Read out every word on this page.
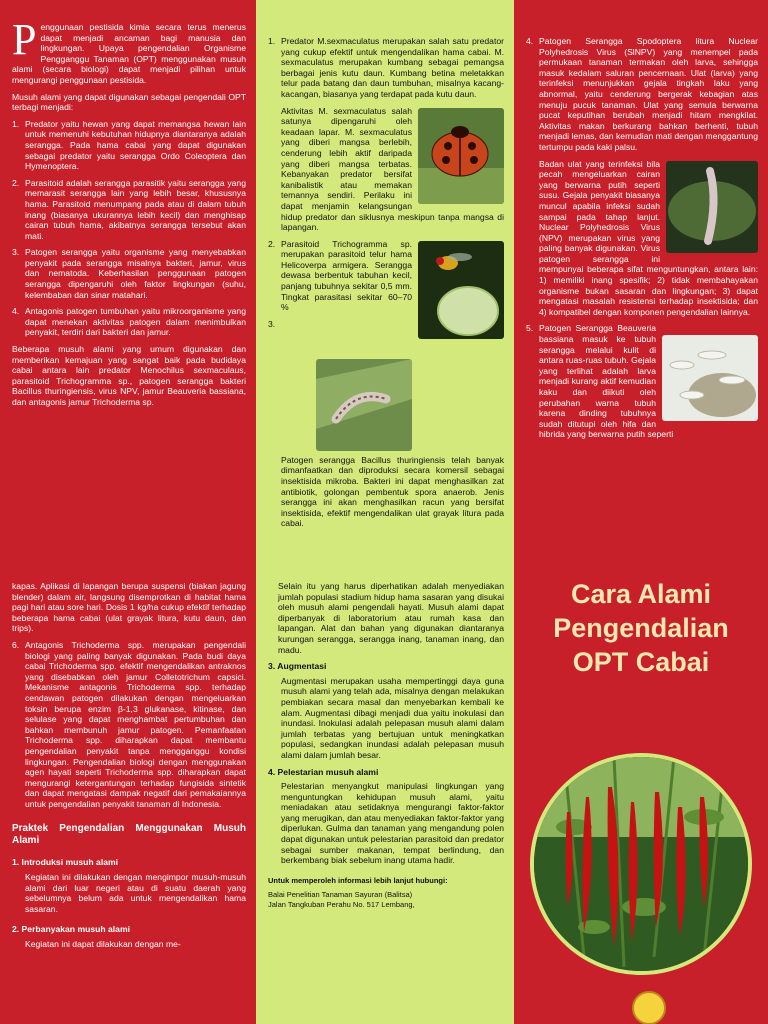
Penggunaan pestisida kimia secara terus menerus dapat menjadi ancaman bagi manusia dan lingkungan. Upaya pengendalian Organisme Pengganggu Tanaman (OPT) menggunakan musuh alami (secara biologi) dapat menjadi pilihan untuk mengurangi penggunaan pestisida.

Musuh alami yang dapat digunakan sebagai pengendali OPT terbagi menjadi:

1. Predator yaitu hewan yang dapat memangsa hewan lain untuk memenuhi kebutuhan hidupnya diantaranya adalah serangga. Pada hama cabai yang dapat digunakan sebagai predator yaitu serangga Ordo Coleoptera dan Hymenoptera.
2. Parasitoid adalah serangga parasitik yaitu serangga yang memarasit serangga lain yang lebih besar, khususnya hama. Parasitoid menumpang pada atau di dalam tubuh inang (biasanya ukurannya lebih kecil) dan menghisap cairan tubuh hama, akibatnya serangga tersebut akan mati.
3. Patogen serangga yaitu organisme yang menyebabkan penyakit pada serangga misalnya bakteri, jamur, virus dan nematoda. Keberhasilan penggunaan patogen serangga dipengaruhi oleh faktor lingkungan (suhu, kelembaban dan sinar matahari.
4. Antagonis patogen tumbuhan yaitu mikroorganisme yang dapat menekan aktivitas patogen dalam menimbulkan penyakit, terdiri dari bakteri dan jamur.

Beberapa musuh alami yang umum digunakan dan memberikan kemajuan yang sangat baik pada budidaya cabai antara lain predator Menochilus sexmaculaus, parasitoid Trichogramma sp., patogen serangga bakteri Bacillus thuringiensis, virus NPV, jamur Beauveria bassiana, dan antagonis jamur Trichoderma sp.

1. Predator M.sexmaculatus merupakan salah satu predator yang cukup efektif untuk mengendalikan hama cabai. M. sexmaculatus merupakan kumbang sebagai pemangsa berbagai jenis kutu daun. Kumbang betina meletakkan telur pada batang dan daun tumbuhan, misalnya kacang-kacangan, biasanya yang terdapat pada kutu daun.

Aktivitas M. sexmaculatus salah satunya dipengaruhi oleh keadaan lapar. M. sexmaculatus yang diberi mangsa berlebih, cenderung lebih aktif daripada yang diberi mangsa terbatas. Kebanyakan predator bersifat kanibalistik atau memakan temannya sendiri. Perilaku ini dapat menjamin kelangsungan hidup predator dan siklusnya meskipun tanpa mangsa di lapangan.

2. Parasitoid Trichogramma sp. merupakan parasitoid telur hama Helicoverpa armigera. Serangga dewasa berbentuk tabuhan kecil, panjang tubuhnya sekitar 0,5 mm. Tingkat parasitasi sekitar 60–70 %
3.
Patogen serangga Bacillus thuringiensis telah banyak dimanfaatkan dan diproduksi secara komersil sebagai insektisida mikroba. Bakteri ini dapat menghasilkan zat antibiotik, golongan pembentuk spora anaerob. Jenis serangga ini akan menghasilkan racun yang bersifat insektisida, efektif mengendalikan ulat grayak litura pada cabai.
4. Patogen Serangga Spodoptera litura Nuclear Polyhedrosis Virus (SlNPV) yang menempel pada permukaan tanaman termakan oleh larva, sehingga masuk kedalam saluran pencernaan. Ulat (larva) yang terinfeksi menunjukkan gejala tingkah laku yang abnormal, yaitu cenderung bergerak kebagian atas menuju pucuk tanaman. Ulat yang semula berwarna pucat keputihan berubah menjadi hitam mengkilat. Aktivitas makan berkurang bahkan berhenti, tubuh menjadi lemas, dan kemudian mati dengan menggantung tertumpu pada kaki palsu.

Badan ulat yang terinfeksi bila pecah mengeluarkan cairan yang berwarna putih seperti susu. Gejala penyakit biasanya muncul apabila infeksi sudah sampai pada tahap lanjut. Nuclear Polyhedrosis Virus (NPV) merupakan virus yang paling banyak digunakan. Virus patogen serangga ini mempunyai beberapa sifat menguntungkan, antara lain: 1) memiliki inang spesifik; 2) tidak membahayakan organisme bukan sasaran dan lingkungan; 3) dapat mengatasi masalah resistensi terhadap insektisida; dan 4) kompatibel dengan komponen pengendalian lainnya.

5. Patogen Serangga Beauveria bassiana masuk ke tubuh serangga melalui kulit di antara ruas-ruas tubuh. Gejala yang terlihat adalah larva menjadi kurang aktif kemudian kaku dan diikuti oleh perubahan warna tubuh karena dinding tubuhnya sudah ditutupi oleh hifa dan hibrida yang berwarna putih seperti

kapas. Aplikasi di lapangan berupa suspensi (biakan jagung blender) dalam air, langsung disemprotkan di habitat hama pagi hari atau sore hari. Dosis 1 kg/ha cukup efektif terhadap beberapa hama cabai (ulat grayak litura, kutu daun, dan trips).

6. Antagonis Trichoderma spp. merupakan pengendali biologi yang paling banyak digunakan. Pada budi daya cabai Trichoderma spp. efektif mengendalikan antraknos yang disebabkan oleh jamur Colletotrichum capsici. Mekanisme antagonis Trichoderma spp. terhadap cendawan patogen dilakukan dengan mengeluarkan toksin berupa enzim β-1,3 glukanase, kitinase, dan selulase yang dapat menghambat pertumbuhan dan bahkan membunuh jamur patogen. Pemanfaatan Trichoderma spp. diharapkan dapat membantu pengendalian penyakit tanpa mengganggu kondisi lingkungan. Pengendalian biologi dengan menggunakan agen hayati seperti Trichoderma spp. diharapkan dapat mengurangi ketergantungan terhadap fungisida sintetik dan dapat mengatasi dampak negatif dari pemakaiannya untuk pengendalian penyakit tanaman di Indonesia.
Praktek Pengendalian Menggunakan Musuh Alami
1. Introduksi musuh alami

Kegiatan ini dilakukan dengan mengimpor musuh-musuh alami dari luar negeri atau di suatu daerah yang sebelumnya belum ada untuk mengendalikan hama sasaran.

2. Perbanyakan musuh alami

Kegiatan ini dapat dilakukan dengan me-

Selain itu yang harus diperhatikan adalah menyediakan jumlah populasi stadium hidup hama sasaran yang disukai oleh musuh alami pengendali hayati. Musuh alami dapat diperbanyak di laboratorium atau rumah kasa dan lapangan. Alat dan bahan yang digunakan diantaranya kurungan serangga, serangga inang, tanaman inang, dan madu.

3. Augmentasi

Augmentasi merupakan usaha mempertinggi daya guna musuh alami yang telah ada, misalnya dengan melakukan pembiakan secara masal dan menyebarkan kembali ke alam. Augmentasi dibagi menjadi dua yaitu inokulasi dan inundasi. Inokulasi adalah pelepasan musuh alami dalam jumlah terbatas yang bertujuan untuk meningkatkan populasi, sedangkan inundasi adalah pelepasan musuh alami dalam jumlah besar.

4. Pelestarian musuh alami

Pelestarian menyangkut manipulasi lingkungan yang menguntungkan kehidupan musuh alami, yaitu meniadakan atau setidaknya mengurangi faktor-faktor yang merugikan, dan atau menyediakan faktor-faktor yang diperlukan. Gulma dan tanaman yang mengandung polen dapat digunakan untuk pelestarian parasitoid dan predator sebagai sumber makanan, tempat berlindung, dan berkembang biak sebelum inang utama hadir.

Untuk memperoleh informasi lebih lanjut hubungi:
Balai Penelitian Tanaman Sayuran (Balitsa)
Jalan Tangkuban Perahu No. 517 Lembang,
Cara Alami
Pengendalian
OPT Cabai
